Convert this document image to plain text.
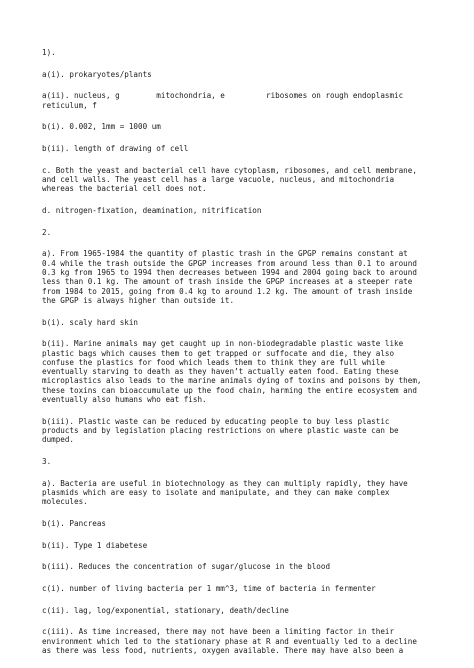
1).

a(i). prokaryotes/plants

a(ii). nucleus, g        mitochondria, e         ribosomes on rough endoplasmic
reticulum, f

b(i). 0.002, 1mm = 1000 um

b(ii). length of drawing of cell

c. Both the yeast and bacterial cell have cytoplasm, ribosomes, and cell membrane,
and cell walls. The yeast cell has a large vacuole, nucleus, and mitochondria
whereas the bacterial cell does not.

d. nitrogen-fixation, deamination, nitrification

2.

a). From 1965-1984 the quantity of plastic trash in the GPGP remains constant at
0.4 while the trash outside the GPGP increases from around less than 0.1 to around
0.3 kg from 1965 to 1994 then decreases between 1994 and 2004 going back to around
less than 0.1 kg. The amount of trash inside the GPGP increases at a steeper rate
from 1984 to 2015, going from 0.4 kg to around 1.2 kg. The amount of trash inside
the GPGP is always higher than outside it.

b(i). scaly hard skin

b(ii). Marine animals may get caught up in non-biodegradable plastic waste like
plastic bags which causes them to get trapped or suffocate and die, they also
confuse the plastics for food which leads them to think they are full while
eventually starving to death as they haven’t actually eaten food. Eating these
microplastics also leads to the marine animals dying of toxins and poisons by them,
these toxins can bioaccumulate up the food chain, harming the entire ecosystem and
eventually also humans who eat fish.

b(iii). Plastic waste can be reduced by educating people to buy less plastic
products and by legislation placing restrictions on where plastic waste can be
dumped.

3.

a). Bacteria are useful in biotechnology as they can multiply rapidly, they have
plasmids which are easy to isolate and manipulate, and they can make complex
molecules.

b(i). Pancreas

b(ii). Type 1 diabetese

b(iii). Reduces the concentration of sugar/glucose in the blood

c(i). number of living bacteria per 1 mm^3, time of bacteria in fermenter

c(ii). lag, log/exponential, stationary, death/decline

c(iii). As time increased, there may not have been a limiting factor in their
environment which led to the stationary phase at R and eventually led to a decline
as there was less food, nutrients, oxygen available. There may have also been a
